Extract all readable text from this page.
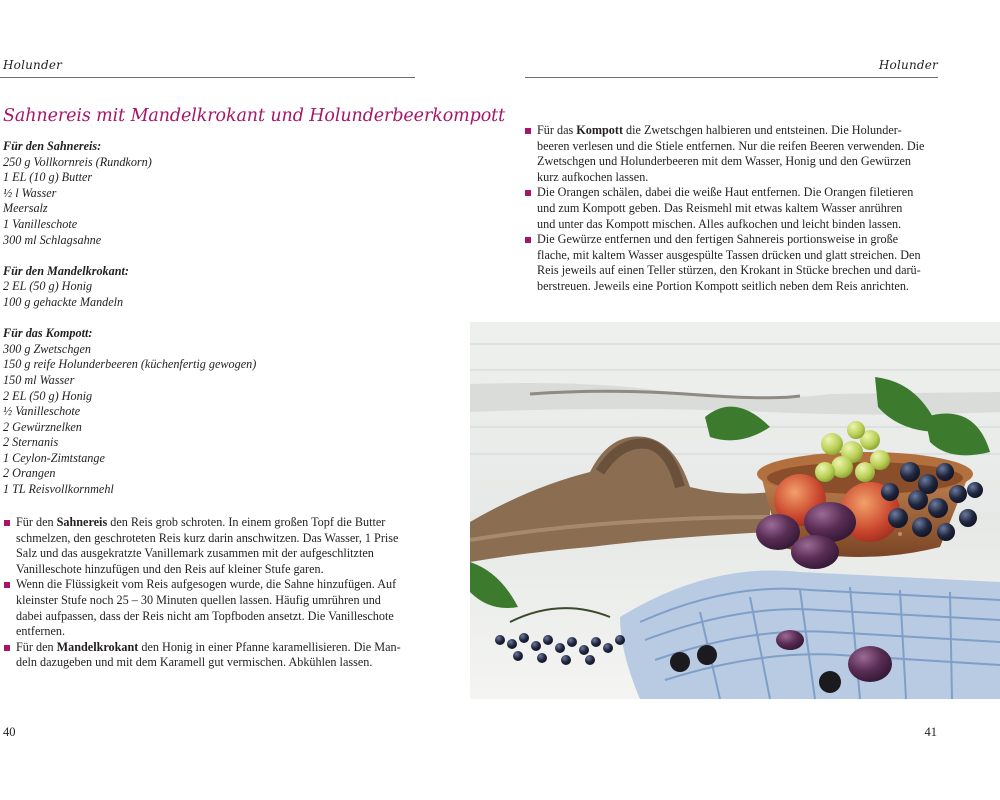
Holunder
Sahnereis mit Mandelkrokant und Holunderbeerkompott
Für den Sahnereis:
250 g Vollkornreis (Rundkorn)
1 EL (10 g) Butter
½ l Wasser
Meersalz
1 Vanilleschote
300 ml Schlagsahne
Für den Mandelkrokant:
2 EL (50 g) Honig
100 g gehackte Mandeln
Für das Kompott:
300 g Zwetschgen
150 g reife Holunderbeeren (küchenfertig gewogen)
150 ml Wasser
2 EL (50 g) Honig
½ Vanilleschote
2 Gewürznelken
2 Sternanis
1 Ceylon-Zimtstange
2 Orangen
1 TL Reisvollkornmehl
Für den Sahnereis den Reis grob schroten. In einem großen Topf die Butter
schmelzen, den geschroteten Reis kurz darin anschwitzen. Das Wasser, 1 Prise
Salz und das ausgekratzte Vanillemark zusammen mit der aufgeschlitzten
Vanilleschote hinzufügen und den Reis auf kleiner Stufe garen.
Wenn die Flüssigkeit vom Reis aufgesogen wurde, die Sahne hinzufügen. Auf
kleinster Stufe noch 25 – 30 Minuten quellen lassen. Häufig umrühren und
dabei aufpassen, dass der Reis nicht am Topfboden ansetzt. Die Vanilleschote
entfernen.
Für den Mandelkrokant den Honig in einer Pfanne karamellisieren. Die Man-
deln dazugeben und mit dem Karamell gut vermischen. Abkühlen lassen.
40
Holunder
Für das Kompott die Zwetschgen halbieren und entsteinen. Die Holunder-
beeren verlesen und die Stiele entfernen. Nur die reifen Beeren verwenden. Die
Zwetschgen und Holunderbeeren mit dem Wasser, Honig und den Gewürzen
kurz aufkochen lassen.
Die Orangen schälen, dabei die weiße Haut entfernen. Die Orangen filetieren
und zum Kompott geben. Das Reismehl mit etwas kaltem Wasser anrühren
und unter das Kompott mischen. Alles aufkochen und leicht binden lassen.
Die Gewürze entfernen und den fertigen Sahnereis portionsweise in große
flache, mit kaltem Wasser ausgespülte Tassen drücken und glatt streichen. Den
Reis jeweils auf einen Teller stürzen, den Krokant in Stücke brechen und darü-
berstreuen. Jeweils eine Portion Kompott seitlich neben dem Reis anrichten.
41
